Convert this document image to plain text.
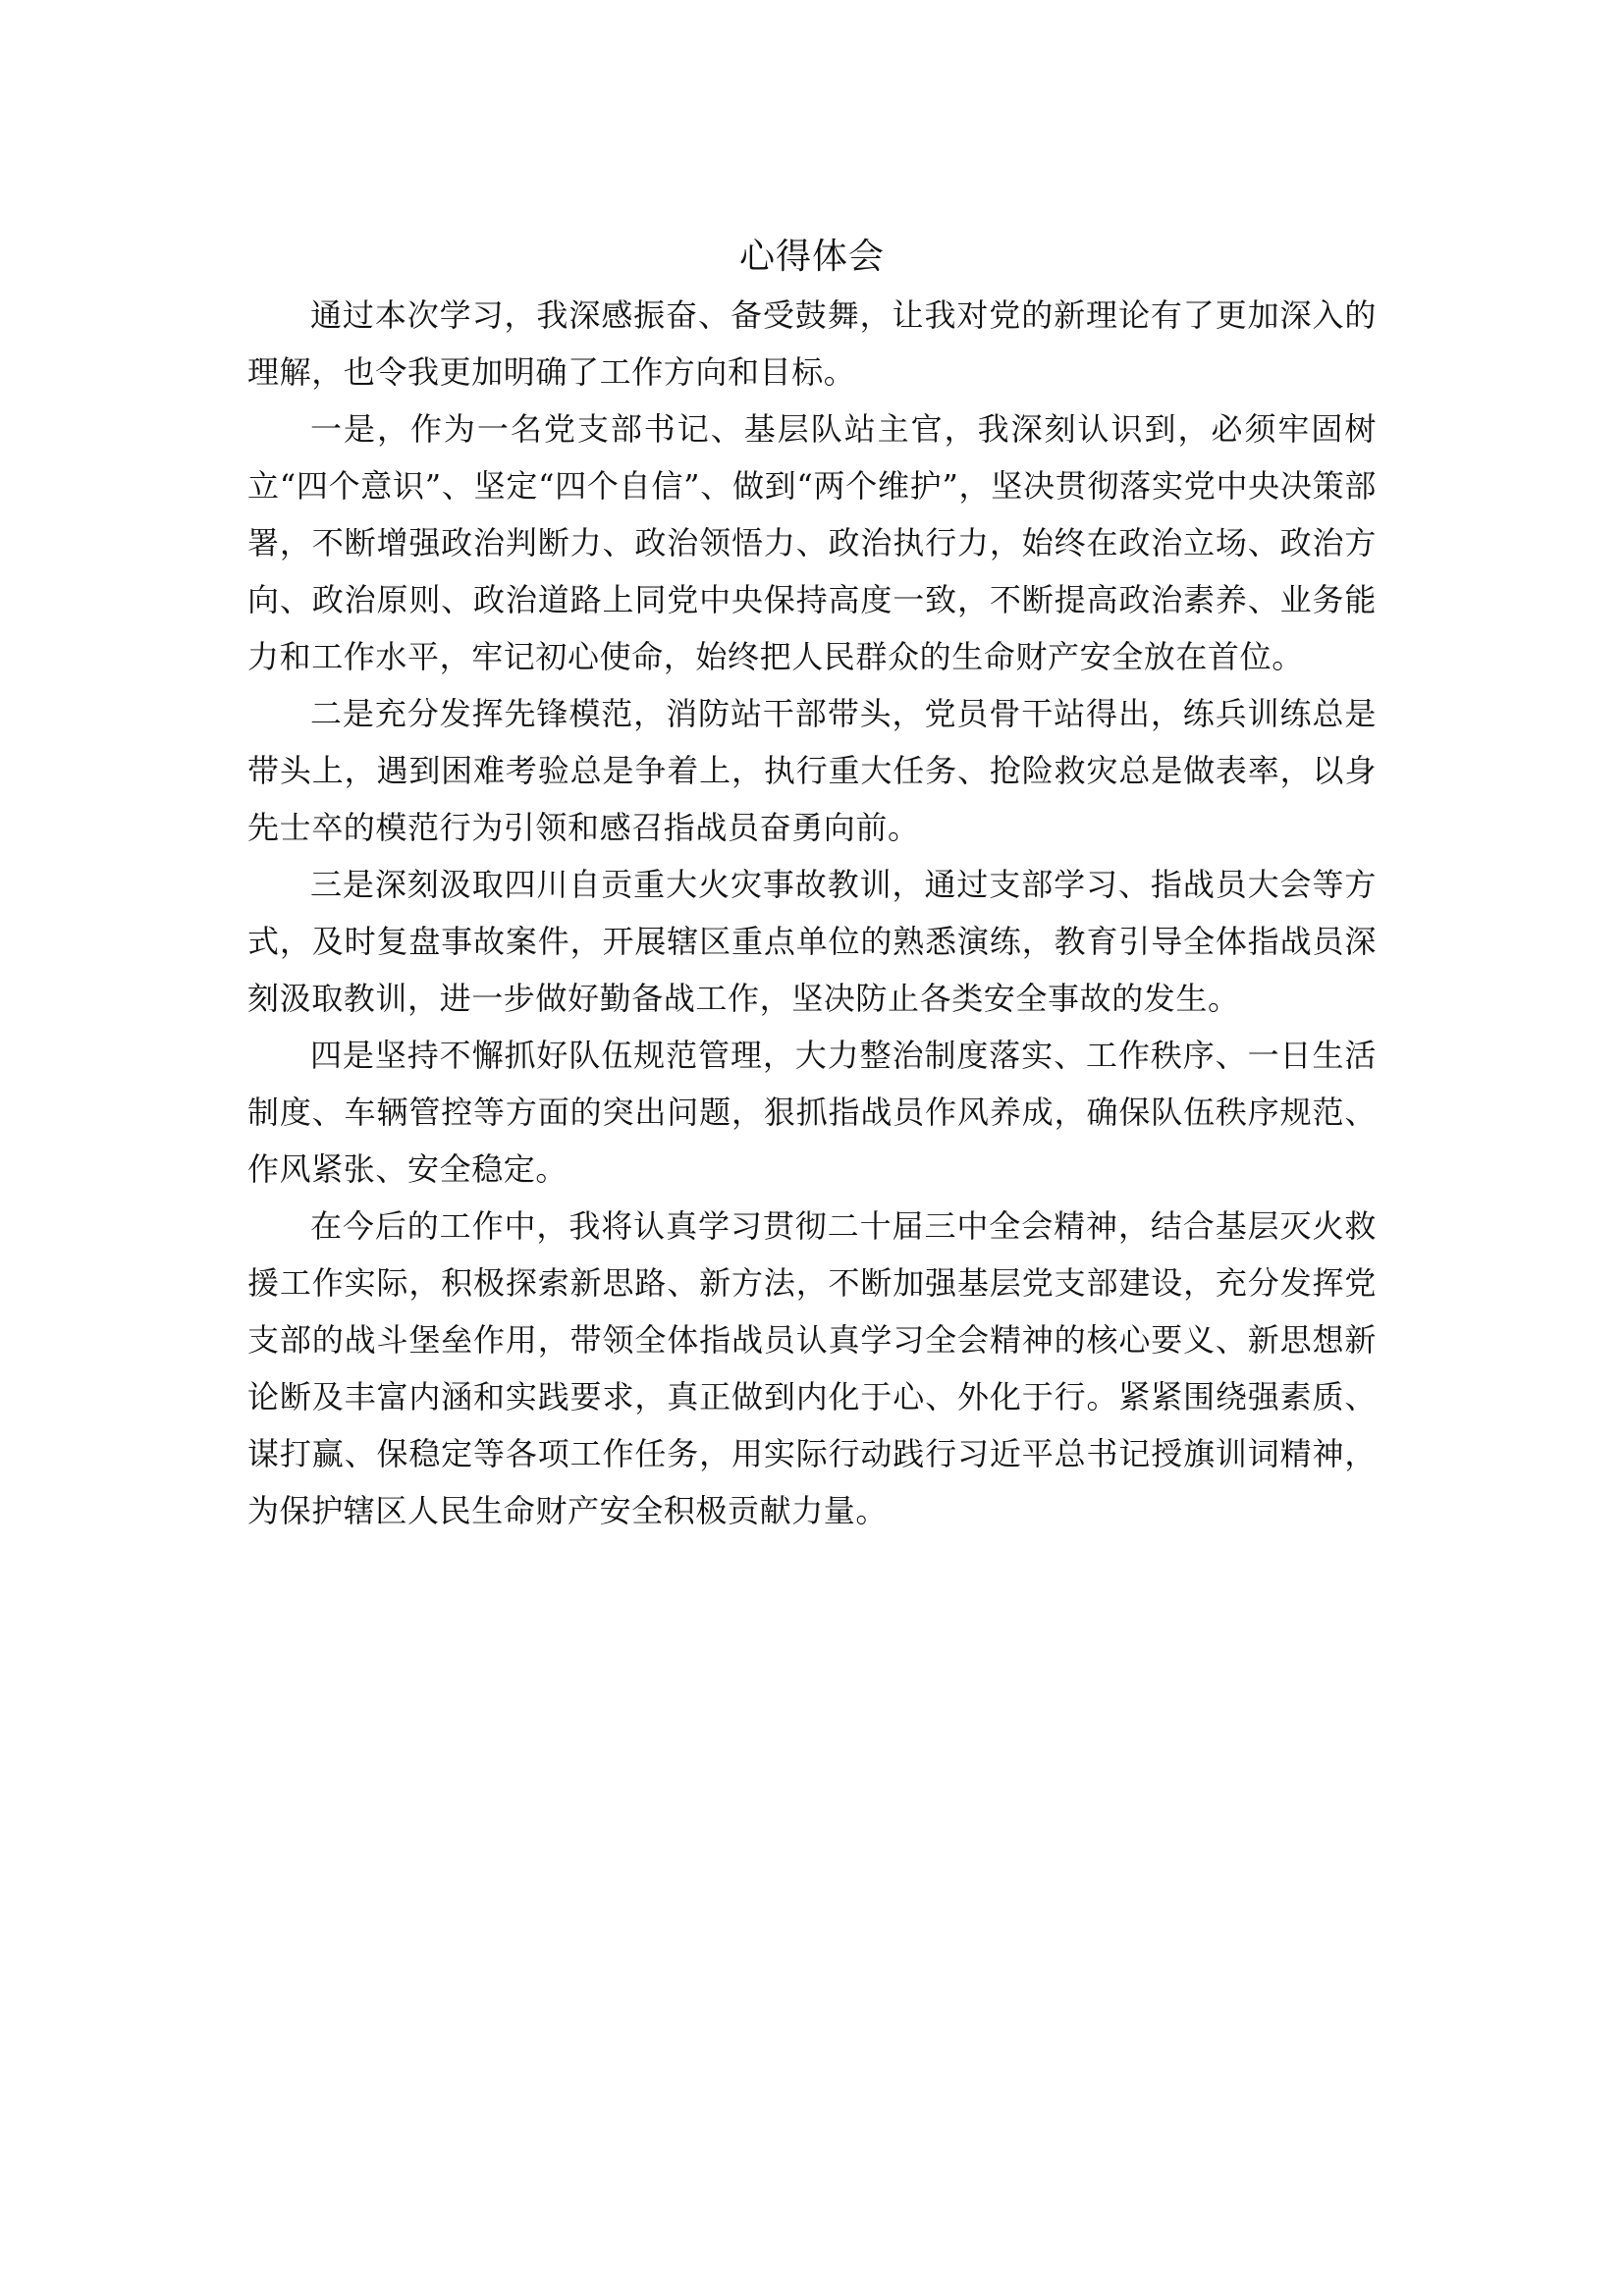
心得体会

通过本次学习，我深感振奋、备受鼓舞，让我对党的新理论有了更加深入的理解，也令我更加明确了工作方向和目标。

一是，作为一名党支部书记、基层队站主官，我深刻认识到，必须牢固树立“四个意识”、坚定“四个自信”、做到“两个维护”，坚决贯彻落实党中央决策部署，不断增强政治判断力、政治领悟力、政治执行力，始终在政治立场、政治方向、政治原则、政治道路上同党中央保持高度一致，不断提高政治素养、业务能力和工作水平，牢记初心使命，始终把人民群众的生命财产安全放在首位。

二是充分发挥先锋模范，消防站干部带头，党员骨干站得出，练兵训练总是带头上，遇到困难考验总是争着上，执行重大任务、抢险救灾总是做表率，以身先士卒的模范行为引领和感召指战员奋勇向前。

三是深刻汲取四川自贡重大火灾事故教训，通过支部学习、指战员大会等方式，及时复盘事故案件，开展辖区重点单位的熟悉演练，教育引导全体指战员深刻汲取教训，进一步做好勤备战工作，坚决防止各类安全事故的发生。

四是坚持不懈抓好队伍规范管理，大力整治制度落实、工作秩序、一日生活制度、车辆管控等方面的突出问题，狠抓指战员作风养成，确保队伍秩序规范、作风紧张、安全稳定。

在今后的工作中，我将认真学习贯彻二十届三中全会精神，结合基层灭火救援工作实际，积极探索新思路、新方法，不断加强基层党支部建设，充分发挥党支部的战斗堡垒作用，带领全体指战员认真学习全会精神的核心要义、新思想新论断及丰富内涵和实践要求，真正做到内化于心、外化于行。紧紧围绕强素质、谋打赢、保稳定等各项工作任务，用实际行动践行习近平总书记授旗训词精神，为保护辖区人民生命财产安全积极贡献力量。
